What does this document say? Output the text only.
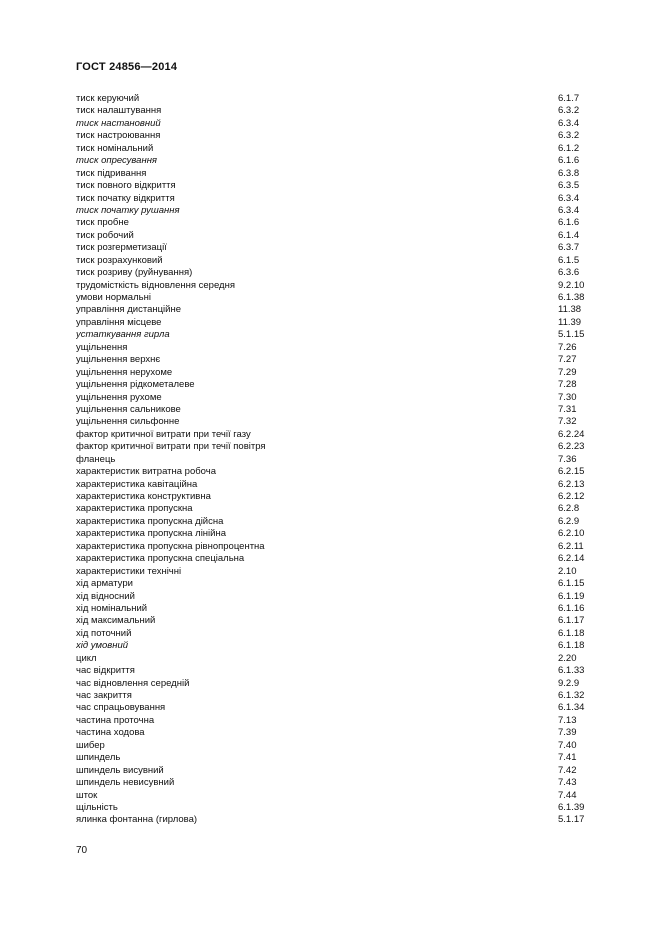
ГОСТ 24856—2014
тиск керуючий	6.1.7
тиск налаштування	6.3.2
тиск настановний	6.3.4
тиск настроювання	6.3.2
тиск номінальний	6.1.2
тиск опресування	6.1.6
тиск підривання	6.3.8
тиск повного відкриття	6.3.5
тиск початку відкриття	6.3.4
тиск початку рушання	6.3.4
тиск пробне	6.1.6
тиск робочий	6.1.4
тиск розгерметизації	6.3.7
тиск розрахунковий	6.1.5
тиск розриву (руйнування)	6.3.6
трудомісткість відновлення середня	9.2.10
умови нормальні	6.1.38
управління дистанційне	11.38
управління місцеве	11.39
устаткування гирла	5.1.15
ущільнення	7.26
ущільнення верхнє	7.27
ущільнення нерухоме	7.29
ущільнення рідкометалеве	7.28
ущільнення рухоме	7.30
ущільнення сальникове	7.31
ущільнення сильфонне	7.32
фактор критичної витрати при течії газу	6.2.24
фактор критичної витрати при течії повітря	6.2.23
фланець	7.36
характеристик витратна робоча	6.2.15
характеристика кавітаційна	6.2.13
характеристика конструктивна	6.2.12
характеристика пропускна	6.2.8
характеристика пропускна дійсна	6.2.9
характеристика пропускна лінійна	6.2.10
характеристика пропускна рівнопроцентна	6.2.11
характеристика пропускна спеціальна	6.2.14
характеристики технічні	2.10
хід арматури	6.1.15
хід відносний	6.1.19
хід номінальний	6.1.16
хід максимальний	6.1.17
хід поточний	6.1.18
хід умовний	6.1.18
цикл	2.20
час відкриття	6.1.33
час відновлення середній	9.2.9
час закриття	6.1.32
час спрацьовування	6.1.34
частина проточна	7.13
частина ходова	7.39
шибер	7.40
шпиндель	7.41
шпиндель висувний	7.42
шпиндель невисувний	7.43
шток	7.44
щільність	6.1.39
ялинка фонтанна (гирлова)	5.1.17
70
